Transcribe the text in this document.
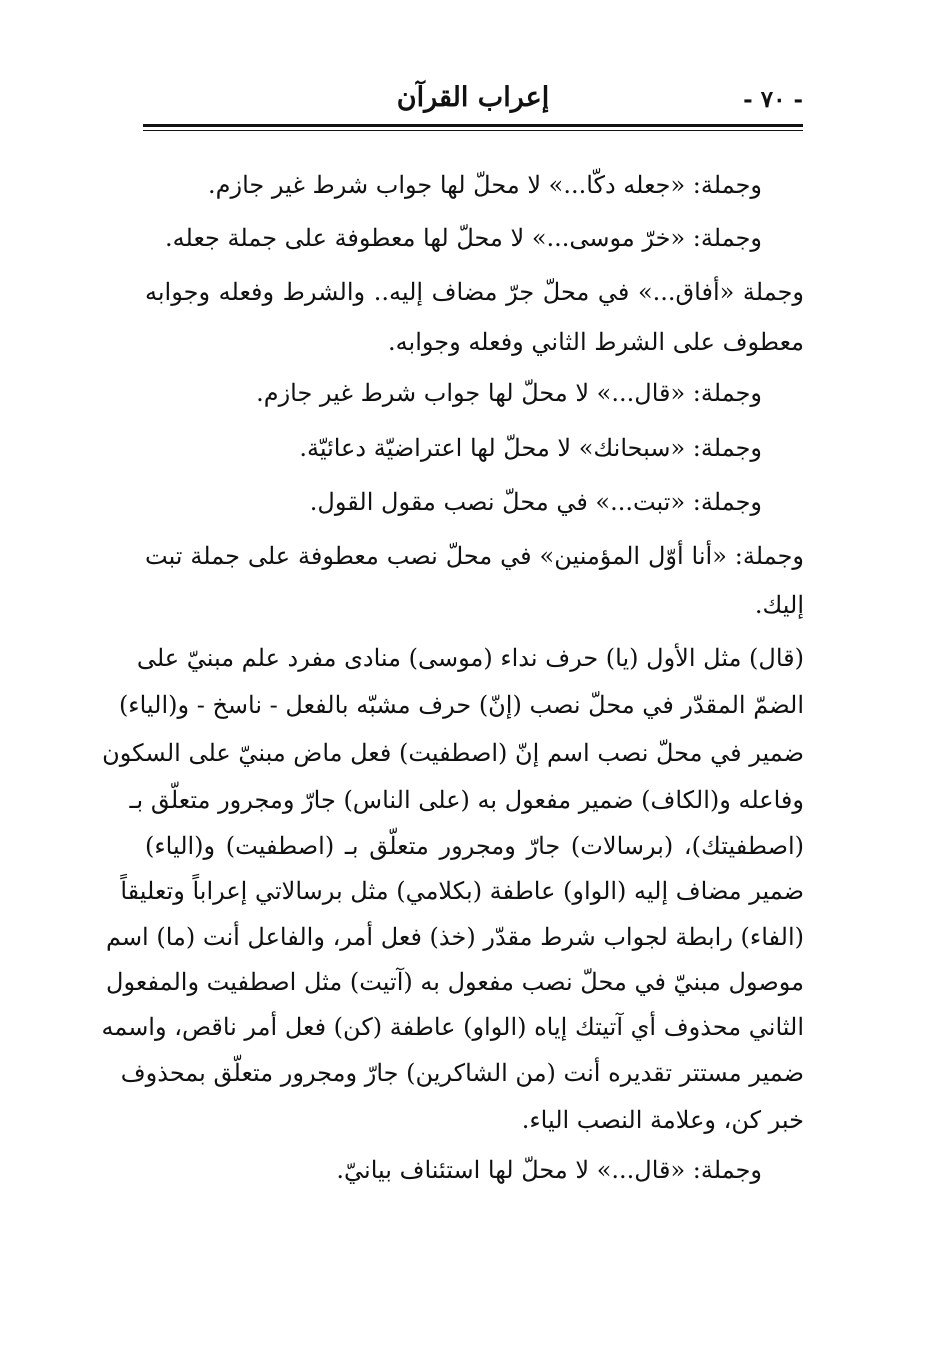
- ٧٠ -
إعراب القرآن

وجملة: «جعله دكّا...» لا محلّ لها جواب شرط غير جازم.

وجملة: «خرّ موسى...» لا محلّ لها معطوفة على جملة جعله.

وجملة «أفاق...» في محلّ جرّ مضاف إليه.. والشرط وفعله وجوابه

معطوف على الشرط الثاني وفعله وجوابه.

وجملة: «قال...» لا محلّ لها جواب شرط غير جازم.

وجملة: «سبحانك» لا محلّ لها اعتراضيّة دعائيّة.

وجملة: «تبت...» في محلّ نصب مقول القول.

وجملة: «أنا أوّل المؤمنين» في محلّ نصب معطوفة على جملة تبت

إليك.

(قال) مثل الأول (يا) حرف نداء (موسى) منادى مفرد علم مبنيّ على

الضمّ المقدّر في محلّ نصب (إنّ) حرف مشبّه بالفعل - ناسخ - و(الياء)

ضمير في محلّ نصب اسم إنّ (اصطفيت) فعل ماض مبنيّ على السكون

وفاعله و(الكاف) ضمير مفعول به (على الناس) جارّ ومجرور متعلّق بـ

(اصطفيتك)، (برسالات) جارّ ومجرور متعلّق بـ (اصطفيت) و(الياء)

ضمير مضاف إليه (الواو) عاطفة (بكلامي) مثل برسالاتي إعراباً وتعليقاً

(الفاء) رابطة لجواب شرط مقدّر (خذ) فعل أمر، والفاعل أنت (ما) اسم

موصول مبنيّ في محلّ نصب مفعول به (آتيت) مثل اصطفيت والمفعول

الثاني محذوف أي آتيتك إياه (الواو) عاطفة (كن) فعل أمر ناقص، واسمه

ضمير مستتر تقديره أنت (من الشاكرين) جارّ ومجرور متعلّق بمحذوف

خبر كن، وعلامة النصب الياء.

وجملة: «قال...» لا محلّ لها استئناف بيانيّ.
